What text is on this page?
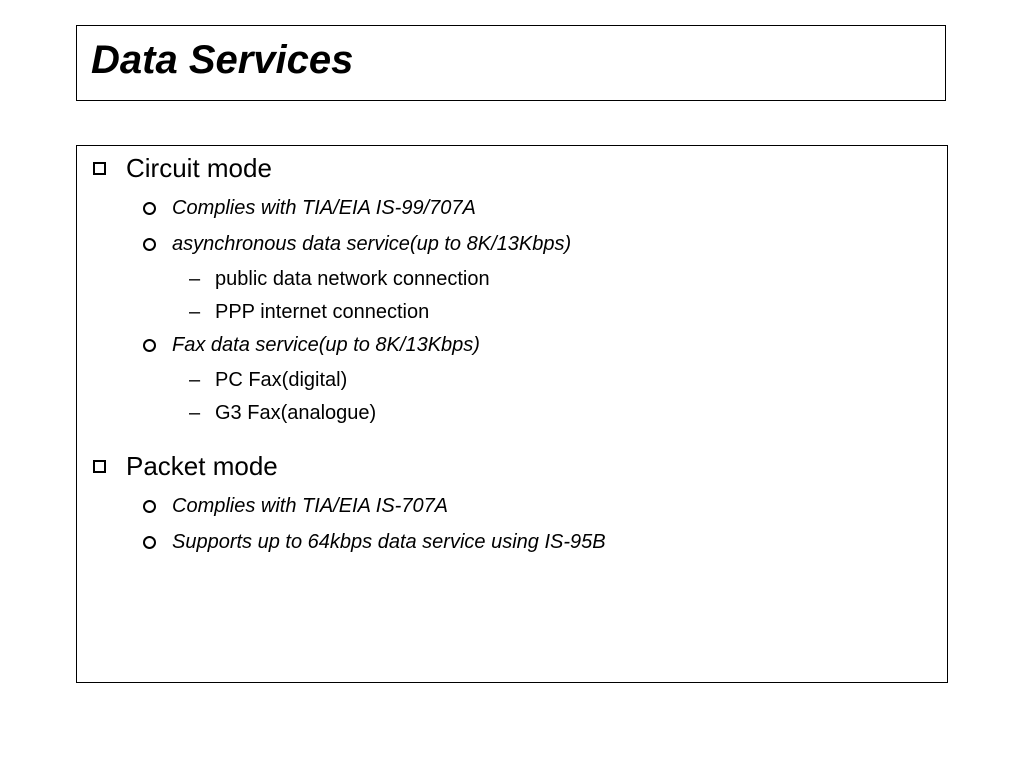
Data Services
Circuit mode
Complies with TIA/EIA IS-99/707A
asynchronous data service(up to 8K/13Kbps)
– public data network connection
– PPP internet connection
Fax data service(up to 8K/13Kbps)
– PC Fax(digital)
– G3 Fax(analogue)
Packet mode
Complies with TIA/EIA IS-707A
Supports up to 64kbps data service using IS-95B
